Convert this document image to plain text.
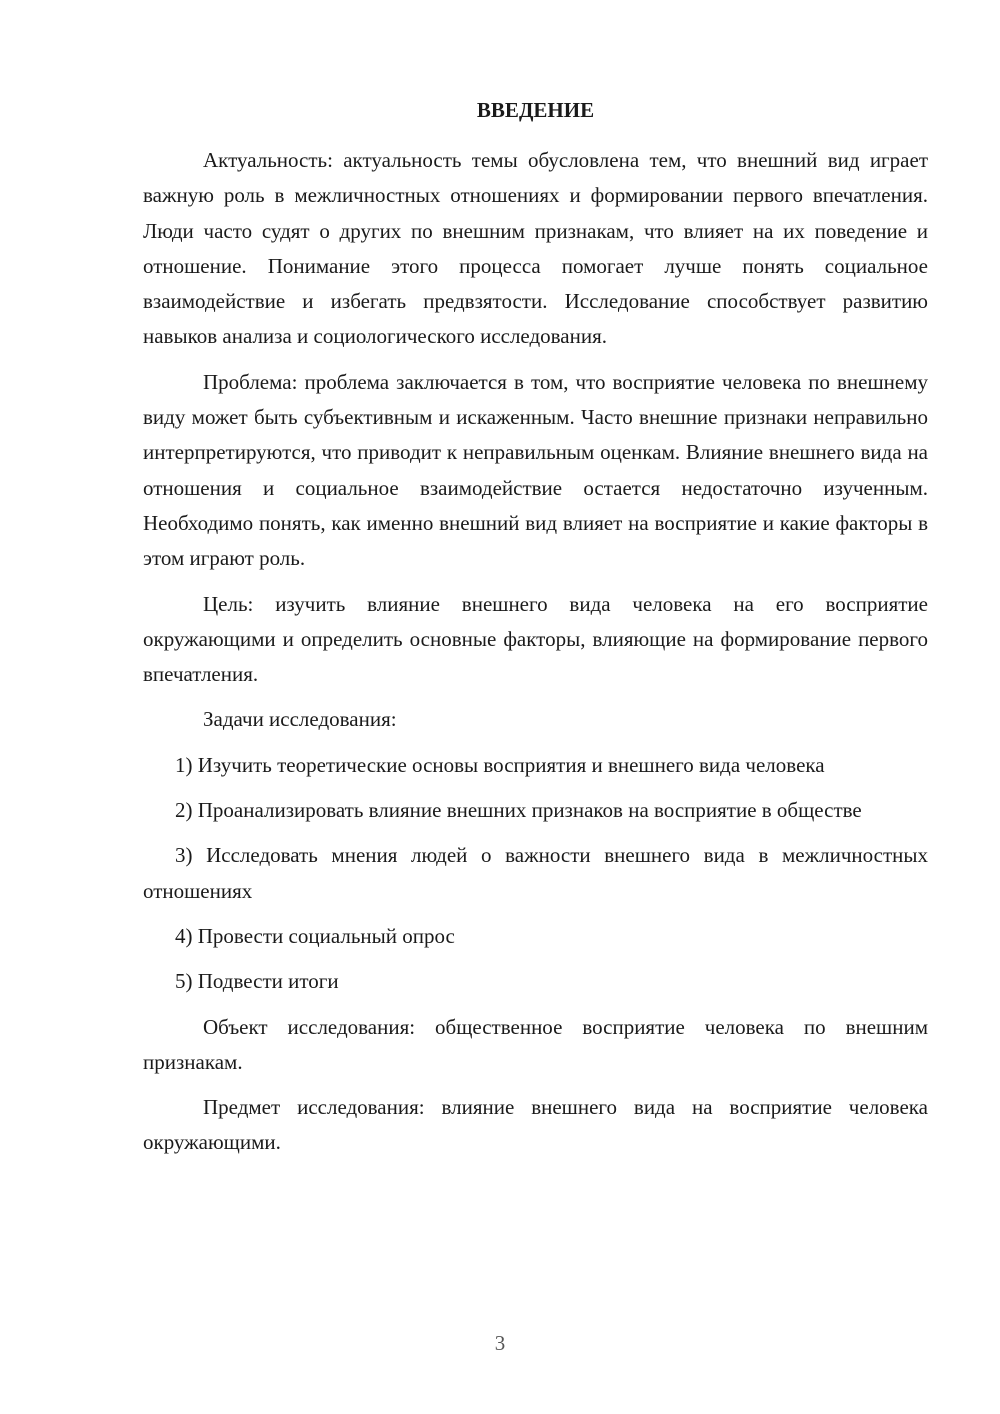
ВВЕДЕНИЕ

Актуальность: актуальность темы обусловлена тем, что внешний вид играет важную роль в межличностных отношениях и формировании первого впечатления. Люди часто судят о других по внешним признакам, что влияет на их поведение и отношение. Понимание этого процесса помогает лучше понять социальное взаимодействие и избегать предвзятости. Исследование способствует развитию навыков анализа и социологического исследования.

Проблема: проблема заключается в том, что восприятие человека по внешнему виду может быть субъективным и искаженным. Часто внешние признаки неправильно интерпретируются, что приводит к неправильным оценкам. Влияние внешнего вида на отношения и социальное взаимодействие остается недостаточно изученным. Необходимо понять, как именно внешний вид влияет на восприятие и какие факторы в этом играют роль.

Цель: изучить влияние внешнего вида человека на его восприятие окружающими и определить основные факторы, влияющие на формирование первого впечатления.

Задачи исследования:

1) Изучить теоретические основы восприятия и внешнего вида человека

2) Проанализировать влияние внешних признаков на восприятие в обществе

3) Исследовать мнения людей о важности внешнего вида в межличностных отношениях

4) Провести социальный опрос

5) Подвести итоги

Объект исследования: общественное восприятие человека по внешним признакам.

Предмет исследования: влияние внешнего вида на восприятие человека окружающими.

3
